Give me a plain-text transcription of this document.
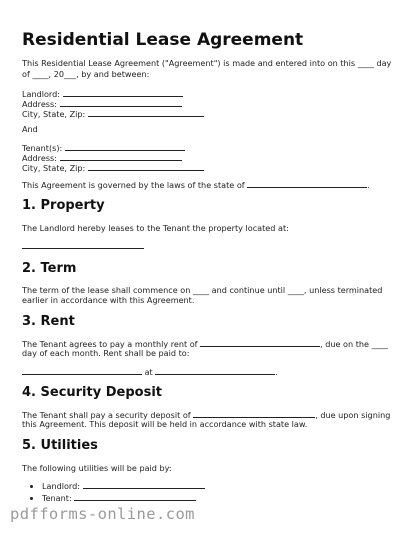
Residential Lease Agreement
This Residential Lease Agreement ("Agreement") is made and entered into on this ____ day
of ____, 20___, by and between:
Landlord:
Address:
City, State, Zip:
And
Tenant(s):
Address:
City, State, Zip:
This Agreement is governed by the laws of the state of	.
1. Property
The Landlord hereby leases to the Tenant the property located at:
2. Term
The term of the lease shall commence on ____ and continue until ____, unless terminated
earlier in accordance with this Agreement.
3. Rent
The Tenant agrees to pay a monthly rent of	, due on the ____
day of each month. Rent shall be paid to:
at	.
4. Security Deposit
The Tenant shall pay a security deposit of	, due upon signing
this Agreement. This deposit will be held in accordance with state law.
5. Utilities
The following utilities will be paid by:
• Landlord:
• Tenant:
pdfforms-online.com
